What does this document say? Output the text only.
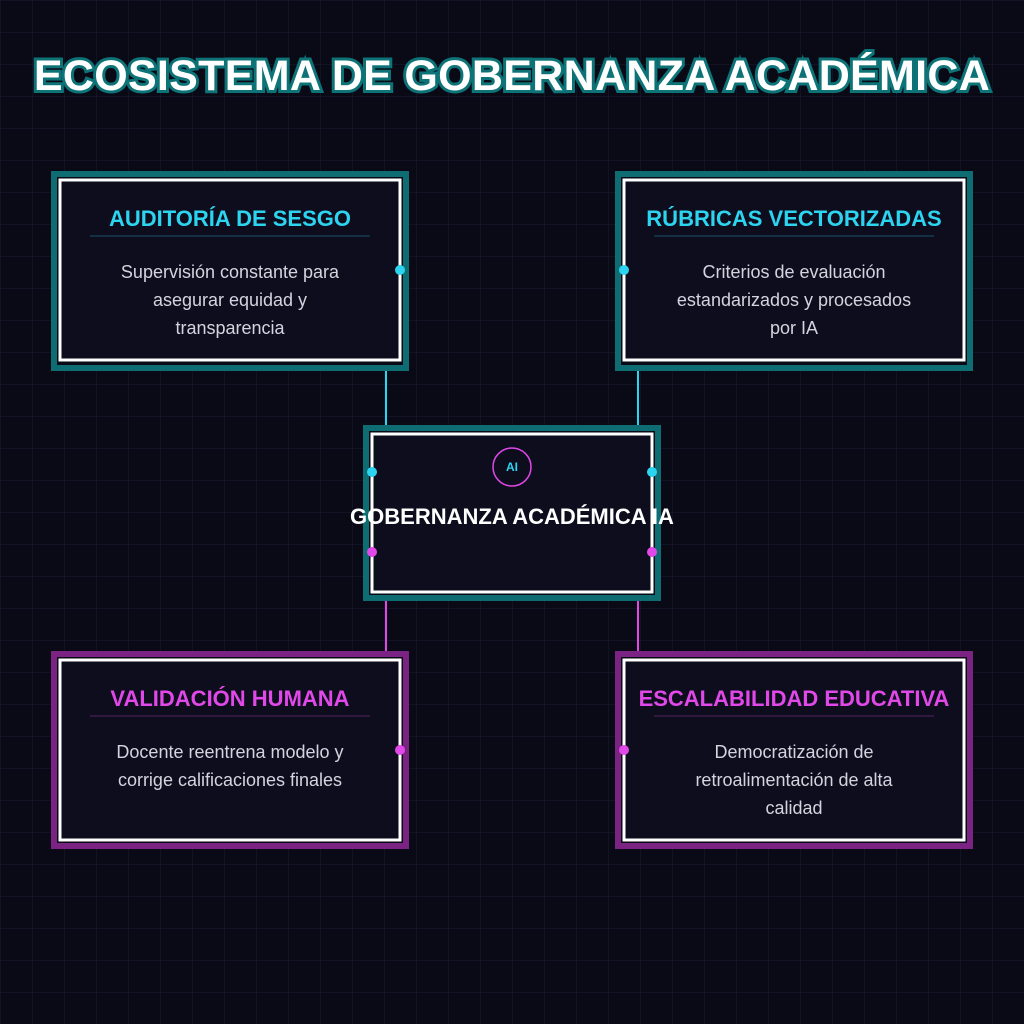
ECOSISTEMA DE GOBERNANZA ACADÉMICA
AUDITORÍA DE SESGO
Supervisión constante para
asegurar equidad y
transparencia
RÚBRICAS VECTORIZADAS
Criterios de evaluación
estandarizados y procesados
por IA
VALIDACIÓN HUMANA
Docente reentrena modelo y
corrige calificaciones finales
ESCALABILIDAD EDUCATIVA
Democratización de
retroalimentación de alta
calidad
AI
GOBERNANZA ACADÉMICA IA
